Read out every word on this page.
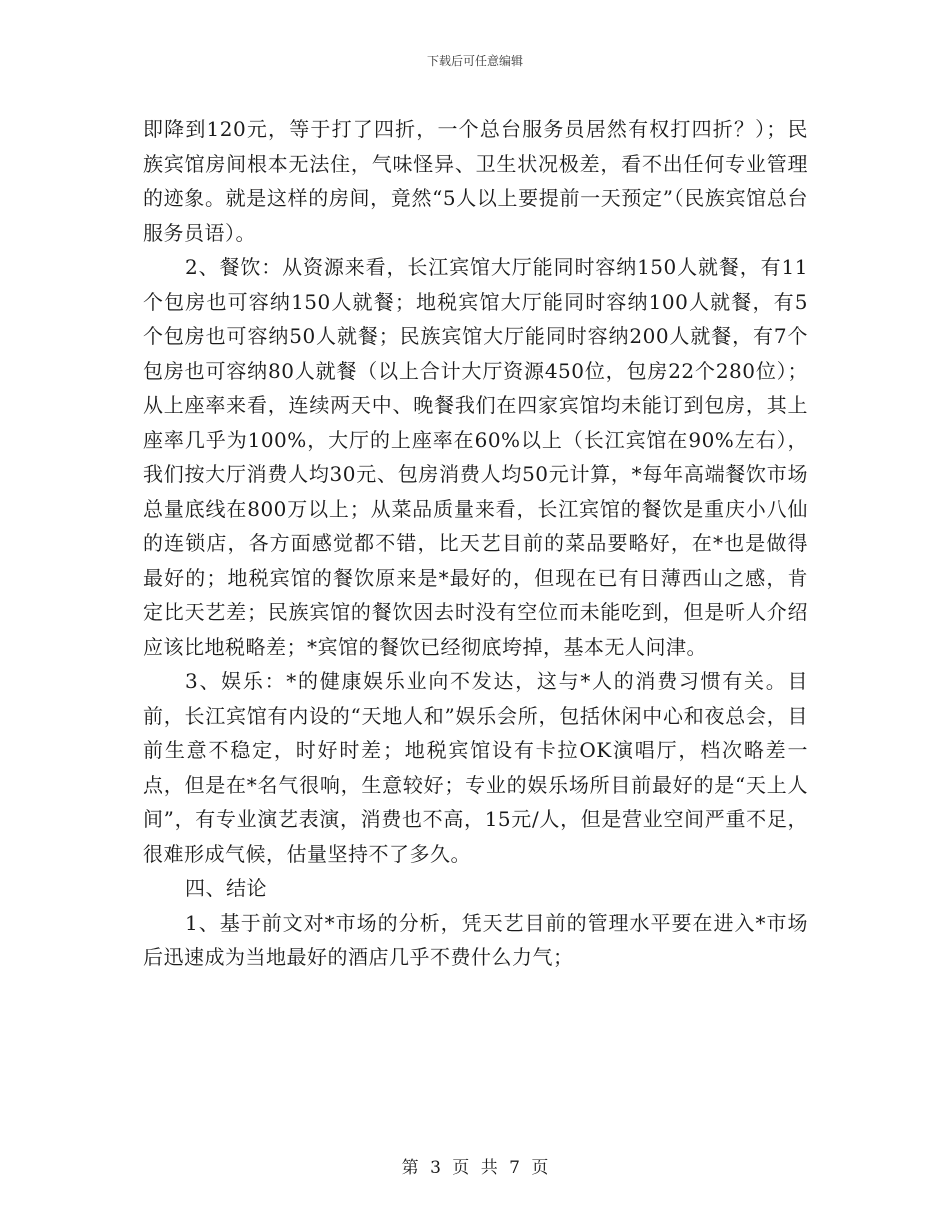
下载后可任意编辑

即降到120元，等于打了四折，一个总台服务员居然有权打四折？）；民族宾馆房间根本无法住，气味怪异、卫生状况极差，看不出任何专业管理的迹象。就是这样的房间，竟然“5人以上要提前一天预定”（民族宾馆总台服务员语）。

2、餐饮：从资源来看，长江宾馆大厅能同时容纳150人就餐，有11个包房也可容纳150人就餐；地税宾馆大厅能同时容纳100人就餐，有5个包房也可容纳50人就餐；民族宾馆大厅能同时容纳200人就餐，有7个包房也可容纳80人就餐（以上合计大厅资源450位，包房22个280位）；从上座率来看，连续两天中、晚餐我们在四家宾馆均未能订到包房，其上座率几乎为100%，大厅的上座率在60%以上（长江宾馆在90%左右），我们按大厅消费人均30元、包房消费人均50元计算，*每年高端餐饮市场总量底线在800万以上；从菜品质量来看，长江宾馆的餐饮是重庆小八仙的连锁店，各方面感觉都不错，比天艺目前的菜品要略好，在*也是做得最好的；地税宾馆的餐饮原来是*最好的，但现在已有日薄西山之感，肯定比天艺差；民族宾馆的餐饮因去时没有空位而未能吃到，但是听人介绍应该比地税略差；*宾馆的餐饮已经彻底垮掉，基本无人问津。

3、娱乐：*的健康娱乐业向不发达，这与*人的消费习惯有关。目前，长江宾馆有内设的“天地人和”娱乐会所，包括休闲中心和夜总会，目前生意不稳定，时好时差；地税宾馆设有卡拉OK演唱厅，档次略差一点，但是在*名气很响，生意较好；专业的娱乐场所目前最好的是“天上人间”，有专业演艺表演，消费也不高，15元/人，但是营业空间严重不足，很难形成气候，估量坚持不了多久。

四、结论

1、基于前文对*市场的分析，凭天艺目前的管理水平要在进入*市场后迅速成为当地最好的酒店几乎不费什么力气；

第 3 页 共 7 页
